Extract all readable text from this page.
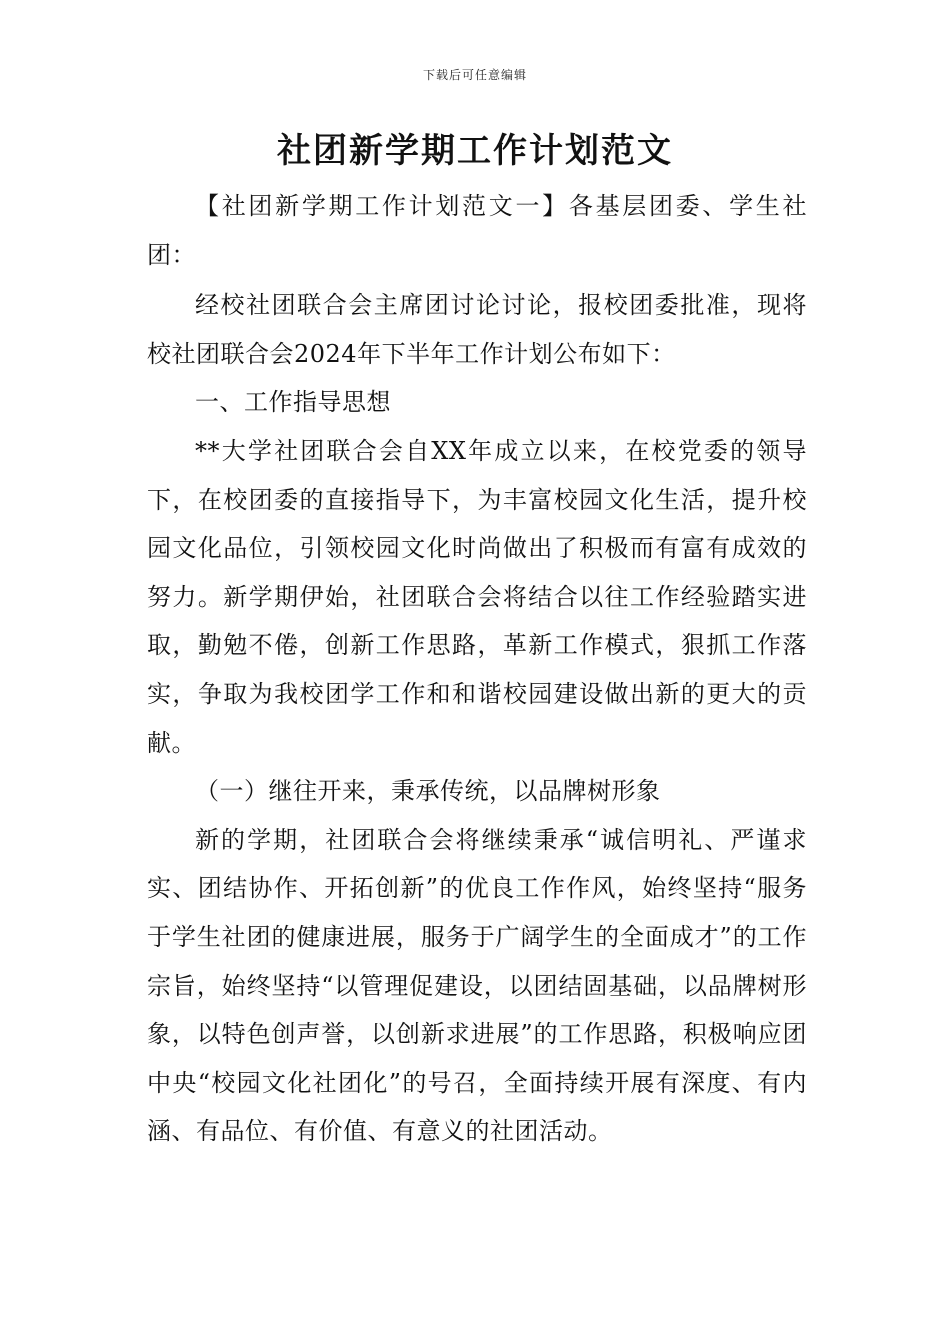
下载后可任意编辑
社团新学期工作计划范文

【社团新学期工作计划范文一】各基层团委、学生社团：

经校社团联合会主席团讨论讨论，报校团委批准，现将校社团联合会2024年下半年工作计划公布如下：

一、工作指导思想

**大学社团联合会自XX年成立以来，在校党委的领导下，在校团委的直接指导下，为丰富校园文化生活，提升校园文化品位，引领校园文化时尚做出了积极而有富有成效的努力。新学期伊始，社团联合会将结合以往工作经验踏实进取，勤勉不倦，创新工作思路，革新工作模式，狠抓工作落实，争取为我校团学工作和和谐校园建设做出新的更大的贡献。

（一）继往开来，秉承传统，以品牌树形象

新的学期，社团联合会将继续秉承“诚信明礼、严谨求实、团结协作、开拓创新”的优良工作作风，始终坚持“服务于学生社团的健康进展，服务于广阔学生的全面成才”的工作宗旨，始终坚持“以管理促建设，以团结固基础，以品牌树形象，以特色创声誉，以创新求进展”的工作思路，积极响应团中央“校园文化社团化”的号召，全面持续开展有深度、有内涵、有品位、有价值、有意义的社团活动。
